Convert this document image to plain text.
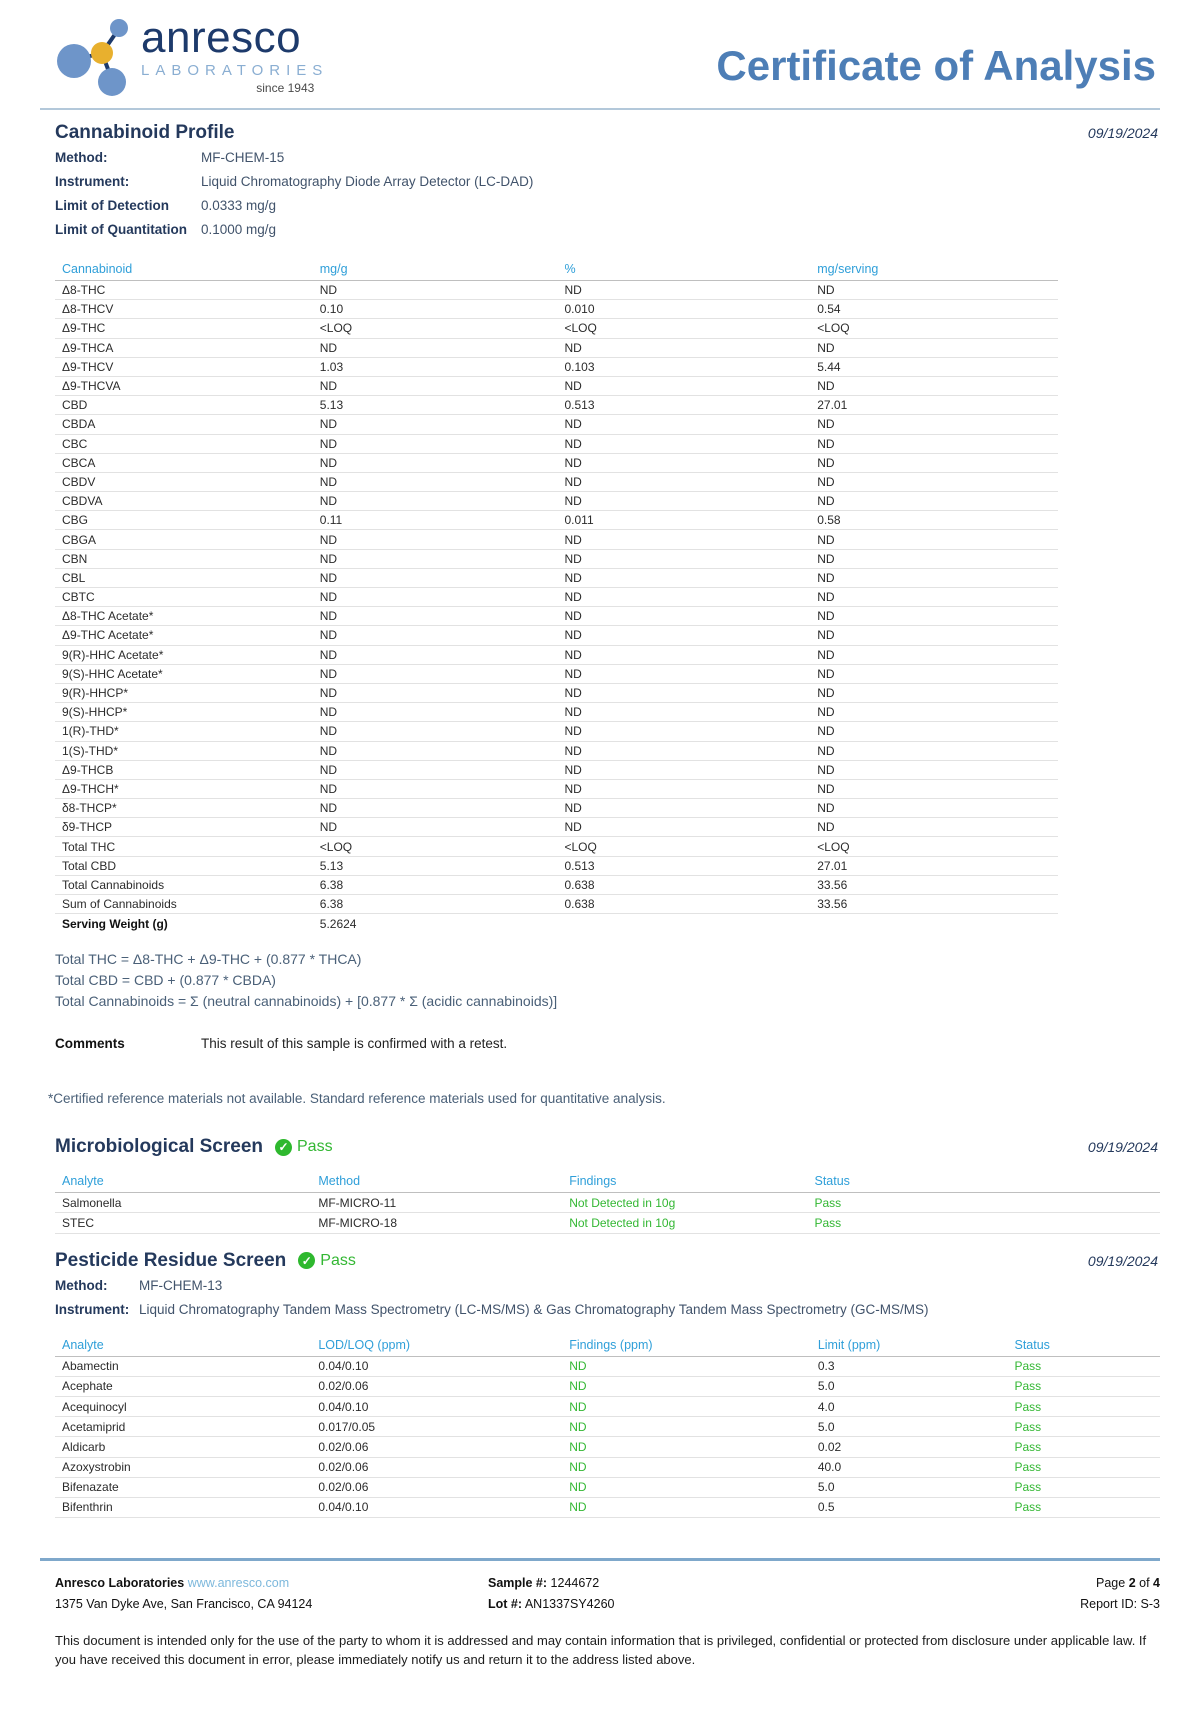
anresco
LABORATORIES
since 1943	Certificate of Analysis
Cannabinoid Profile	09/19/2024
Method:	MF-CHEM-15
Instrument:	Liquid Chromatography Diode Array Detector (LC-DAD)
Limit of Detection	0.0333 mg/g
Limit of Quantitation	0.1000 mg/g
Cannabinoid	mg/g	%	mg/serving
Δ8-THC	ND	ND	ND
Δ8-THCV	0.10	0.010	0.54
Δ9-THC	<LOQ	<LOQ	<LOQ
Δ9-THCA	ND	ND	ND
Δ9-THCV	1.03	0.103	5.44
Δ9-THCVA	ND	ND	ND
CBD	5.13	0.513	27.01
CBDA	ND	ND	ND
CBC	ND	ND	ND
CBCA	ND	ND	ND
CBDV	ND	ND	ND
CBDVA	ND	ND	ND
CBG	0.11	0.011	0.58
CBGA	ND	ND	ND
CBN	ND	ND	ND
CBL	ND	ND	ND
CBTC	ND	ND	ND
Δ8-THC Acetate*	ND	ND	ND
Δ9-THC Acetate*	ND	ND	ND
9(R)-HHC Acetate*	ND	ND	ND
9(S)-HHC Acetate*	ND	ND	ND
9(R)-HHCP*	ND	ND	ND
9(S)-HHCP*	ND	ND	ND
1(R)-THD*	ND	ND	ND
1(S)-THD*	ND	ND	ND
Δ9-THCB	ND	ND	ND
Δ9-THCH*	ND	ND	ND
δ8-THCP*	ND	ND	ND
δ9-THCP	ND	ND	ND
Total THC	<LOQ	<LOQ	<LOQ
Total CBD	5.13	0.513	27.01
Total Cannabinoids	6.38	0.638	33.56
Sum of Cannabinoids	6.38	0.638	33.56
Serving Weight (g)	5.2624
Total THC = Δ8-THC + Δ9-THC + (0.877 * THCA)
Total CBD = CBD + (0.877 * CBDA)
Total Cannabinoids = Σ (neutral cannabinoids) + [0.877 * Σ (acidic cannabinoids)]
Comments	This result of this sample is confirmed with a retest.
*Certified reference materials not available. Standard reference materials used for quantitative analysis.
Microbiological Screen ✓ Pass	09/19/2024
Analyte	Method	Findings	Status
Salmonella	MF-MICRO-11	Not Detected in 10g	Pass
STEC	MF-MICRO-18	Not Detected in 10g	Pass
Pesticide Residue Screen ✓ Pass	09/19/2024
Method:	MF-CHEM-13
Instrument: Liquid Chromatography Tandem Mass Spectrometry (LC-MS/MS) & Gas Chromatography Tandem Mass Spectrometry (GC-MS/MS)
Analyte	LOD/LOQ (ppm)	Findings (ppm)	Limit (ppm)	Status
Abamectin	0.04/0.10	ND	0.3	Pass
Acephate	0.02/0.06	ND	5.0	Pass
Acequinocyl	0.04/0.10	ND	4.0	Pass
Acetamiprid	0.017/0.05	ND	5.0	Pass
Aldicarb	0.02/0.06	ND	0.02	Pass
Azoxystrobin	0.02/0.06	ND	40.0	Pass
Bifenazate	0.02/0.06	ND	5.0	Pass
Bifenthrin	0.04/0.10	ND	0.5	Pass
Anresco Laboratories www.anresco.com
1375 Van Dyke Ave, San Francisco, CA 94124
Sample #: 1244672
Lot #: AN1337SY4260
Page 2 of 4
Report ID: S-3
This document is intended only for the use of the party to whom it is addressed and may contain information that is privileged, confidential or protected from disclosure under applicable law. If you have received this document in error, please immediately notify us and return it to the address listed above.
